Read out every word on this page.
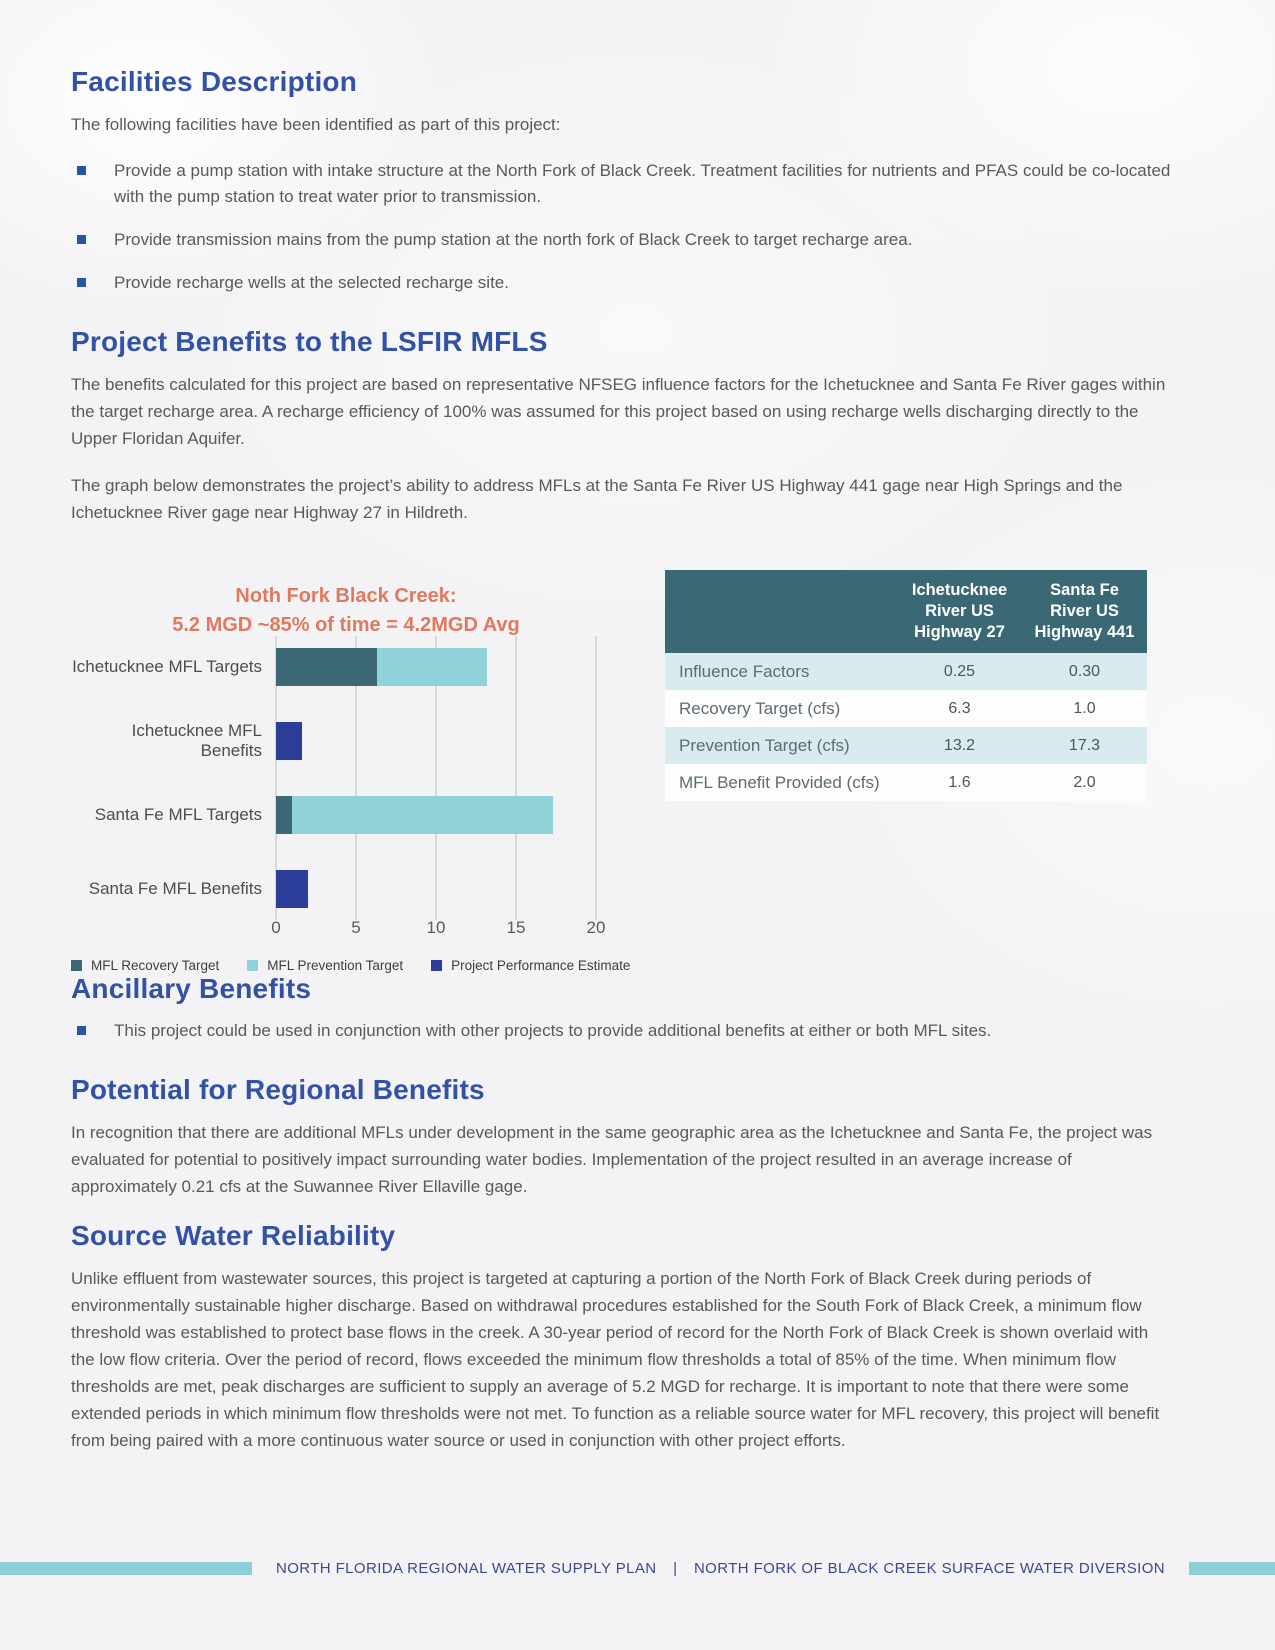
Facilities Description

The following facilities have been identified as part of this project:

Provide a pump station with intake structure at the North Fork of Black Creek. Treatment facilities for nutrients and PFAS could be co-located with the pump station to treat water prior to transmission.
Provide transmission mains from the pump station at the north fork of Black Creek to target recharge area.
Provide recharge wells at the selected recharge site.
Project Benefits to the LSFIR MFLS

The benefits calculated for this project are based on representative NFSEG influence factors for the Ichetucknee and Santa Fe River gages within the target recharge area. A recharge efficiency of 100% was assumed for this project based on using recharge wells discharging directly to the Upper Floridan Aquifer.

The graph below demonstrates the project’s ability to address MFLs at the Santa Fe River US Highway 441 gage near High Springs and the Ichetucknee River gage near Highway 27 in Hildreth.

Noth Fork Black Creek:
5.2 MGD ~85% of time = 4.2MGD Avg
Ichetucknee MFL Targets
Ichetucknee MFL Benefits
Santa Fe MFL Targets
Santa Fe MFL Benefits
0	5	10	15	20
	Ichetucknee River US Highway 27	Santa Fe River US Highway 441
Influence Factors	0.25	0.30
Recovery Target (cfs)	6.3	1.0
Prevention Target (cfs)	13.2	17.3
MFL Benefit Provided (cfs)	1.6	2.0
MFL Recovery Target	MFL Prevention Target	Project Performance Estimate
Ancillary Benefits
This project could be used in conjunction with other projects to provide additional benefits at either or both MFL sites.
Potential for Regional Benefits

In recognition that there are additional MFLs under development in the same geographic area as the Ichetucknee and Santa Fe, the project was evaluated for potential to positively impact surrounding water bodies. Implementation of the project resulted in an average increase of approximately 0.21 cfs at the Suwannee River Ellaville gage.

Source Water Reliability

Unlike effluent from wastewater sources, this project is targeted at capturing a portion of the North Fork of Black Creek during periods of environmentally sustainable higher discharge. Based on withdrawal procedures established for the South Fork of Black Creek, a minimum flow threshold was established to protect base flows in the creek. A 30-year period of record for the North Fork of Black Creek is shown overlaid with the low flow criteria. Over the period of record, flows exceeded the minimum flow thresholds a total of 85% of the time. When minimum flow thresholds are met, peak discharges are sufficient to supply an average of 5.2 MGD for recharge. It is important to note that there were some extended periods in which minimum flow thresholds were not met. To function as a reliable source water for MFL recovery, this project will benefit from being paired with a more continuous water source or used in conjunction with other project efforts.

NORTH FLORIDA REGIONAL WATER SUPPLY PLAN | NORTH FORK OF BLACK CREEK SURFACE WATER DIVERSION
